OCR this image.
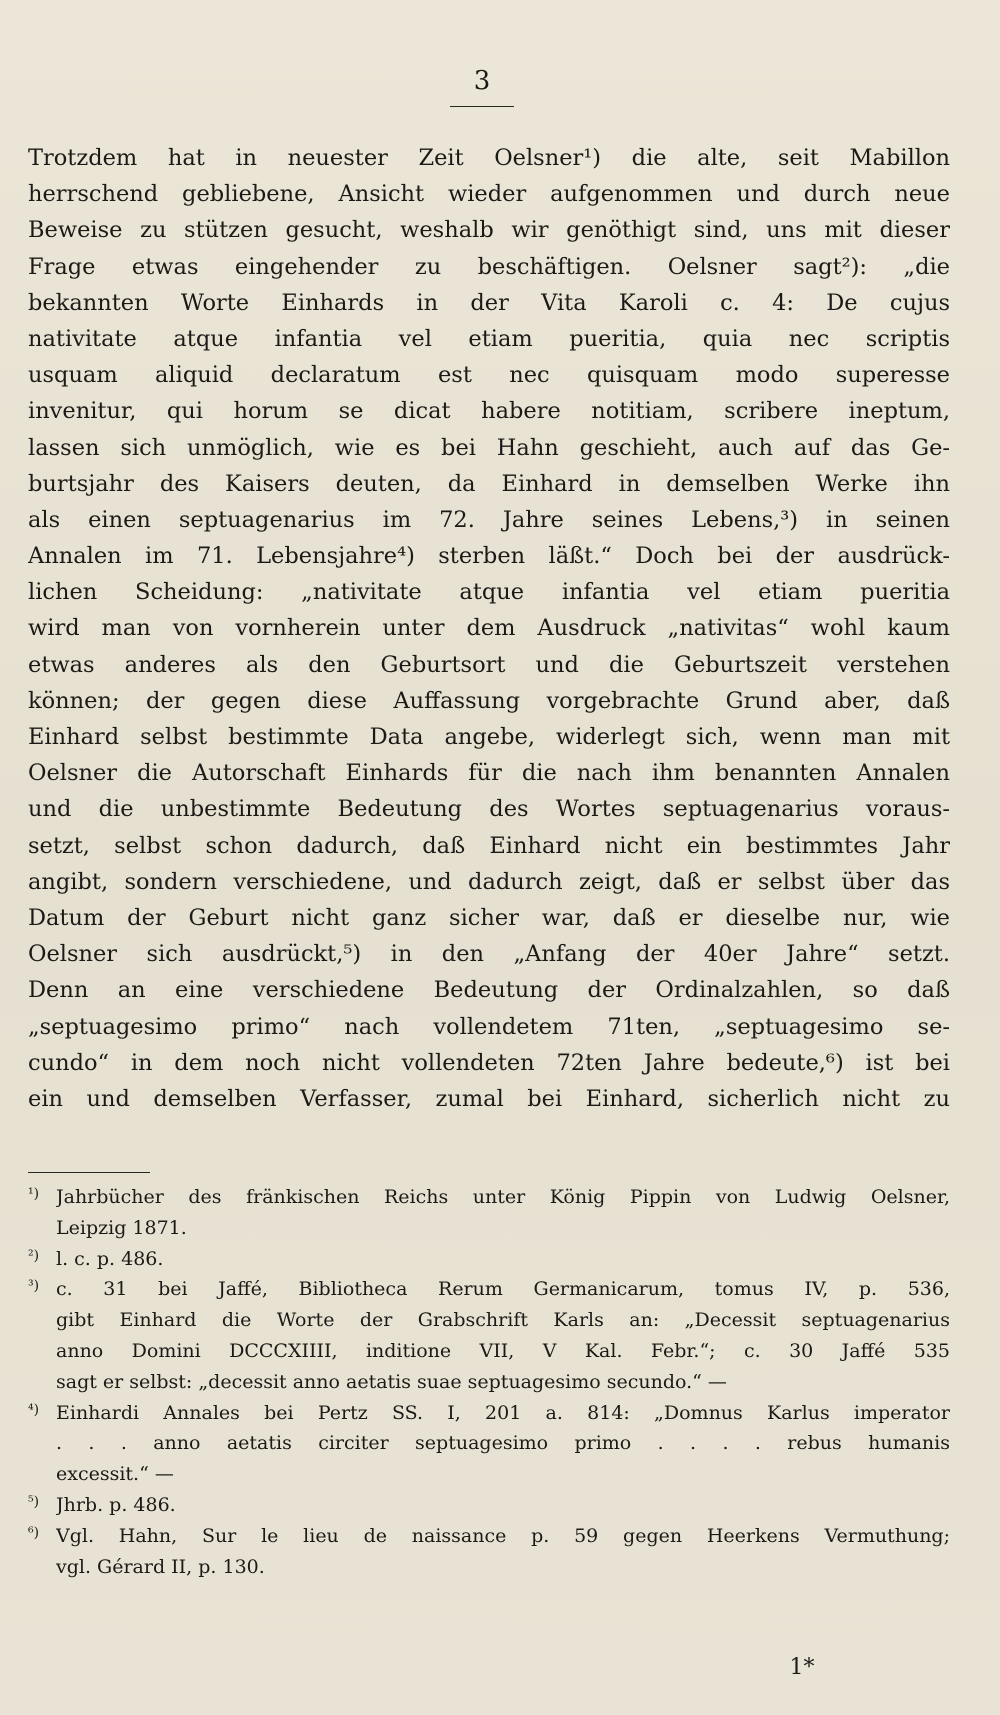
3
Trotzdem hat in neuester Zeit Oelsner¹) die alte, seit Mabillon
herrschend gebliebene, Ansicht wieder aufgenommen und durch neue
Beweise zu stützen gesucht, weshalb wir genöthigt sind, uns mit dieser
Frage etwas eingehender zu beschäftigen. Oelsner sagt²): „die
bekannten Worte Einhards in der Vita Karoli c. 4: De cujus
nativitate atque infantia vel etiam pueritia, quia nec scriptis
usquam aliquid declaratum est nec quisquam modo superesse
invenitur, qui horum se dicat habere notitiam, scribere ineptum,
lassen sich unmöglich, wie es bei Hahn geschieht, auch auf das Ge-
burtsjahr des Kaisers deuten, da Einhard in demselben Werke ihn
als einen septuagenarius im 72. Jahre seines Lebens,³) in seinen
Annalen im 71. Lebensjahre⁴) sterben läßt.“ Doch bei der ausdrück-
lichen Scheidung: „nativitate atque infantia vel etiam pueritia
wird man von vornherein unter dem Ausdruck „nativitas“ wohl kaum
etwas anderes als den Geburtsort und die Geburtszeit verstehen
können; der gegen diese Auffassung vorgebrachte Grund aber, daß
Einhard selbst bestimmte Data angebe, widerlegt sich, wenn man mit
Oelsner die Autorschaft Einhards für die nach ihm benannten Annalen
und die unbestimmte Bedeutung des Wortes septuagenarius voraus-
setzt, selbst schon dadurch, daß Einhard nicht ein bestimmtes Jahr
angibt, sondern verschiedene, und dadurch zeigt, daß er selbst über das
Datum der Geburt nicht ganz sicher war, daß er dieselbe nur, wie
Oelsner sich ausdrückt,⁵) in den „Anfang der 40er Jahre“ setzt.
Denn an eine verschiedene Bedeutung der Ordinalzahlen, so daß
„septuagesimo primo“ nach vollendetem 71ten, „septuagesimo se-
cundo“ in dem noch nicht vollendeten 72ten Jahre bedeute,⁶) ist bei
ein und demselben Verfasser, zumal bei Einhard, sicherlich nicht zu
¹) Jahrbücher des fränkischen Reichs unter König Pippin von Ludwig Oelsner,
Leipzig 1871.
²) l. c. p. 486.
³) c. 31 bei Jaffé, Bibliotheca Rerum Germanicarum, tomus IV, p. 536,
gibt Einhard die Worte der Grabschrift Karls an: „Decessit septuagenarius
anno Domini DCCCXIIII, inditione VII, V Kal. Febr.“; c. 30 Jaffé 535
sagt er selbst: „decessit anno aetatis suae septuagesimo secundo.“ —
⁴) Einhardi Annales bei Pertz SS. I, 201 a. 814: „Domnus Karlus imperator
. . . anno aetatis circiter septuagesimo primo . . . . rebus humanis
excessit.“ —
⁵) Jhrb. p. 486.
⁶) Vgl. Hahn, Sur le lieu de naissance p. 59 gegen Heerkens Vermuthung;
vgl. Gérard II, p. 130.
1*
